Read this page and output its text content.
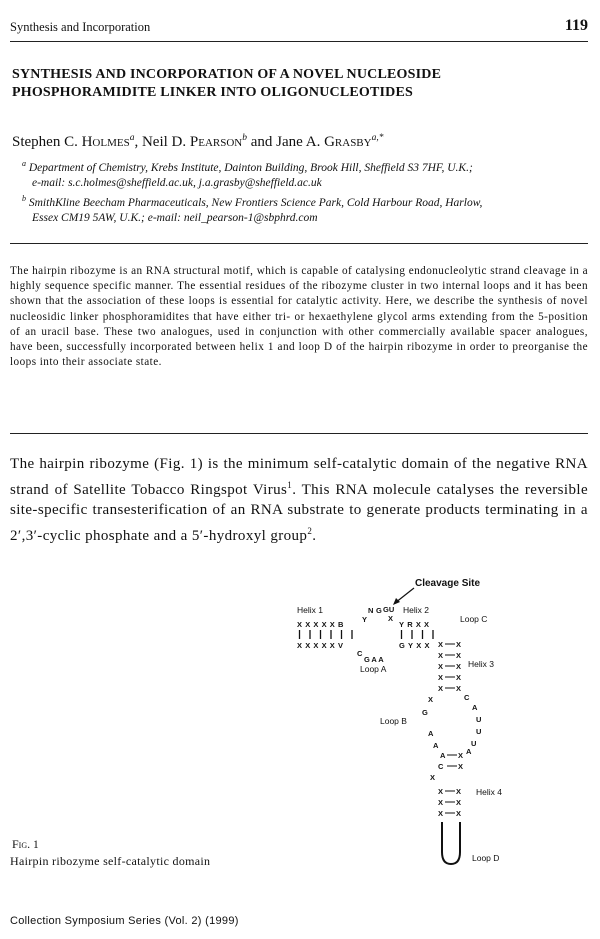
Synthesis and Incorporation	119
SYNTHESIS AND INCORPORATION OF A NOVEL NUCLEOSIDE
PHOSPHORAMIDITE LINKER INTO OLIGONUCLEOTIDES
Stephen C. Holmes$^a$, Neil D. Pearson$^b$ and Jane A. Grasby$^{a,*}$
$^a$ Department of Chemistry, Krebs Institute, Dainton Building, Brook Hill, Sheffield S3 7HF, U.K.;
e-mail: s.c.holmes@sheffield.ac.uk, j.a.grasby@sheffield.ac.uk
$^b$ SmithKline Beecham Pharmaceuticals, New Frontiers Science Park, Cold Harbour Road, Harlow,
Essex CM19 5AW, U.K.; e-mail: neil_pearson-1@sbphrd.com

The hairpin ribozyme is an RNA structural motif, which is capable of catalysing endonucleolytic strand cleavage in a highly sequence specific manner. The essential residues of the ribozyme cluster in two internal loops and it has been shown that the association of these loops is essential for catalytic activity. Here, we describe the synthesis of novel nucleosidic linker phosphoramidites that have either tri- or hexaethylene glycol arms extending from the 5-position of an uracil base. These two analogues, used in conjunction with other commercially available spacer analogues, have been, successfully incorporated between helix 1 and loop D of the hairpin ribozyme in order to preorganise the loops into their associate state.

The hairpin ribozyme (Fig. 1) is the minimum self-catalytic domain of the negative RNA strand of Satellite Tobacco Ringspot Virus$^1$. This RNA molecule catalyses the reversible site-specific transesterification of an RNA substrate to generate products terminating in a 2′,3′-cyclic phosphate and a 5′-hydroxyl group$^2$.

Cleavage Site
Helix 1	Helix 2
Loop C
Helix 3
Loop A
Loop B
Helix 4
Loop D
XXXXXB
XXXXXV
Y
N G GU
X
C
GAA
YRXX
GYXX X X
X X
X X
X X
X X
X
G
A
A
C
A
U
U
U
A
A X
C X
X
X X
X X
X X
Fig. 1
Hairpin ribozyme self-catalytic domain
Collection Symposium Series (Vol. 2) (1999)
